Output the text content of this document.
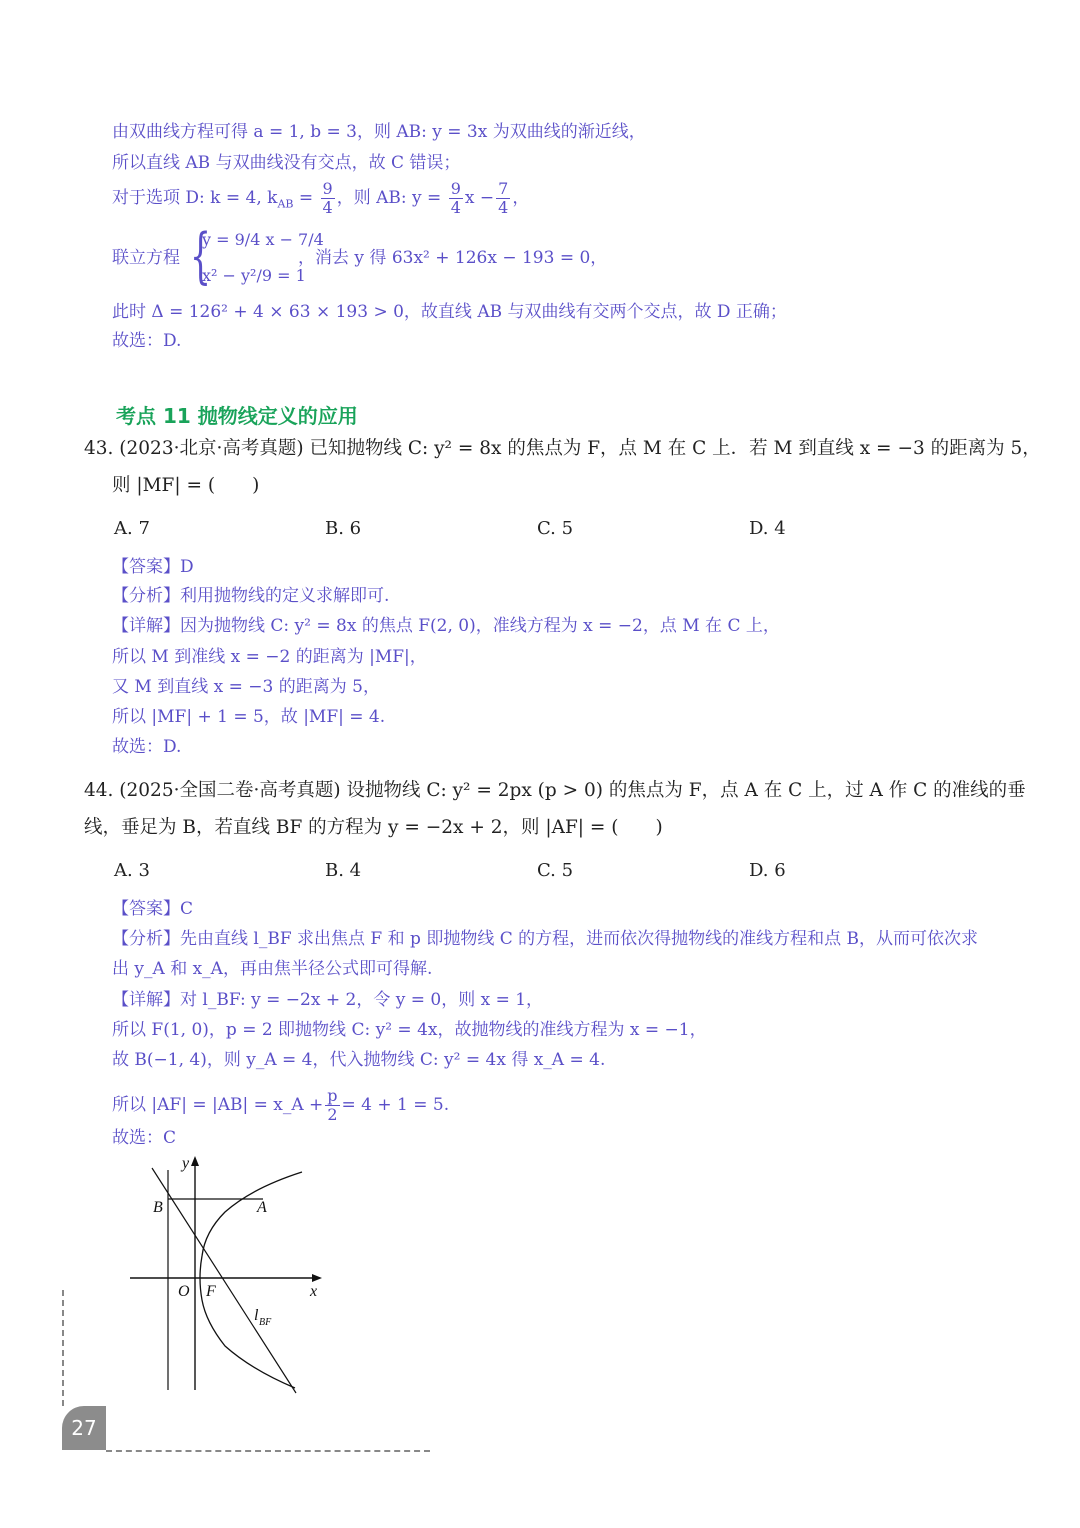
由双曲线方程可得 a = 1, b = 3，则 AB: y = 3x 为双曲线的渐近线，
所以直线 AB 与双曲线没有交点，故 C 错误；
对于选项 D: k = 4, $k_{AB} = \frac{9}{4}$ ，则 AB: $y = \frac{9}{4}$ $x - \frac{7}{4}$ ，
联立方程 {
y = 9/4 x − 7/4
x² − y²/9 = 1
，消去 y 得 63x² + 126x − 193 = 0，
此时 Δ = 126² + 4 × 63 × 193 > 0，故直线 AB 与双曲线有交两个交点，故 D 正确；
故选：D.
考点 11 抛物线定义的应用
43. (2023·北京·高考真题) 已知抛物线 C: y² = 8x 的焦点为 F，点 M 在 C 上．若 M 到直线 x = −3 的距离为 5，
则 |MF| = (　　)
A. 7	B. 6	C. 5	D. 4
【答案】D
【分析】利用抛物线的定义求解即可.
【详解】因为抛物线 C: y² = 8x 的焦点 F(2, 0)，准线方程为 x = −2，点 M 在 C 上，
所以 M 到准线 x = −2 的距离为 |MF|，
又 M 到直线 x = −3 的距离为 5，
所以 |MF| + 1 = 5，故 |MF| = 4.
故选：D.
44. (2025·全国二卷·高考真题) 设抛物线 C: y² = 2px (p > 0) 的焦点为 F，点 A 在 C 上，过 A 作 C 的准线的垂
线，垂足为 B，若直线 BF 的方程为 y = −2x + 2，则 |AF| = (　　)
A. 3	B. 4	C. 5	D. 6
【答案】C
【分析】先由直线 l_BF 求出焦点 F 和 p 即抛物线 C 的方程，进而依次得抛物线的准线方程和点 B，从而可依次求
出 y_A 和 x_A，再由焦半径公式即可得解.
【详解】对 l_BF: y = −2x + 2，令 y = 0，则 x = 1，
所以 F(1, 0)，p = 2 即抛物线 C: y² = 4x，故抛物线的准线方程为 x = −1，
故 B(−1, 4)，则 y_A = 4，代入抛物线 C: y² = 4x 得 x_A = 4.
所以 |AF| = |AB| = x_A + $\frac{p}{2} = 4 + 1 = 5$.
故选：C
y
x
B	A
O F
l BF
27
